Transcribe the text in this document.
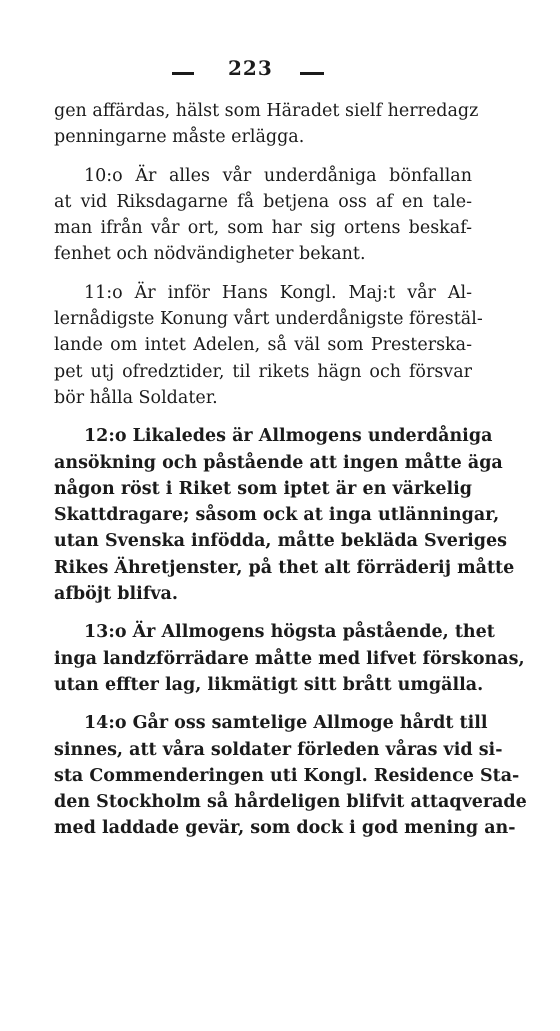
223
gen affärdas, hälst som Häradet sielf herredagz
penningarne måste erlägga.
10:o Är alles vår underdåniga bönfallan
at vid Riksdagarne få betjena oss af en tale-
man ifrån vår ort, som har sig ortens beskaf-
fenhet och nödvändigheter bekant.
11:o Är inför Hans Kongl. Maj:t vår Al-
lernådigste Konung vårt underdånigste förestäl-
lande om intet Adelen, så väl som Presterska-
pet utj ofredztider, til rikets hägn och försvar
bör hålla Soldater.
12:o Likaledes är Allmogens underdåniga
ansökning och påstående att ingen måtte äga
någon röst i Riket som iptet är en värkelig
Skattdragare; såsom ock at inga utlänningar,
utan Svenska infödda, måtte bekläda Sveriges
Rikes Ähretjenster, på thet alt förräderij måtte
afböjt blifva.
13:o Är Allmogens högsta påstående, thet
inga landzförrädare måtte med lifvet förskonas,
utan effter lag, likmätigt sitt brått umgälla.
14:o Går oss samtelige Allmoge hårdt till
sinnes, att våra soldater förleden våras vid si-
sta Commenderingen uti Kongl. Residence Sta-
den Stockholm så hårdeligen blifvit attaqverade
med laddade gevär, som dock i god mening an-
